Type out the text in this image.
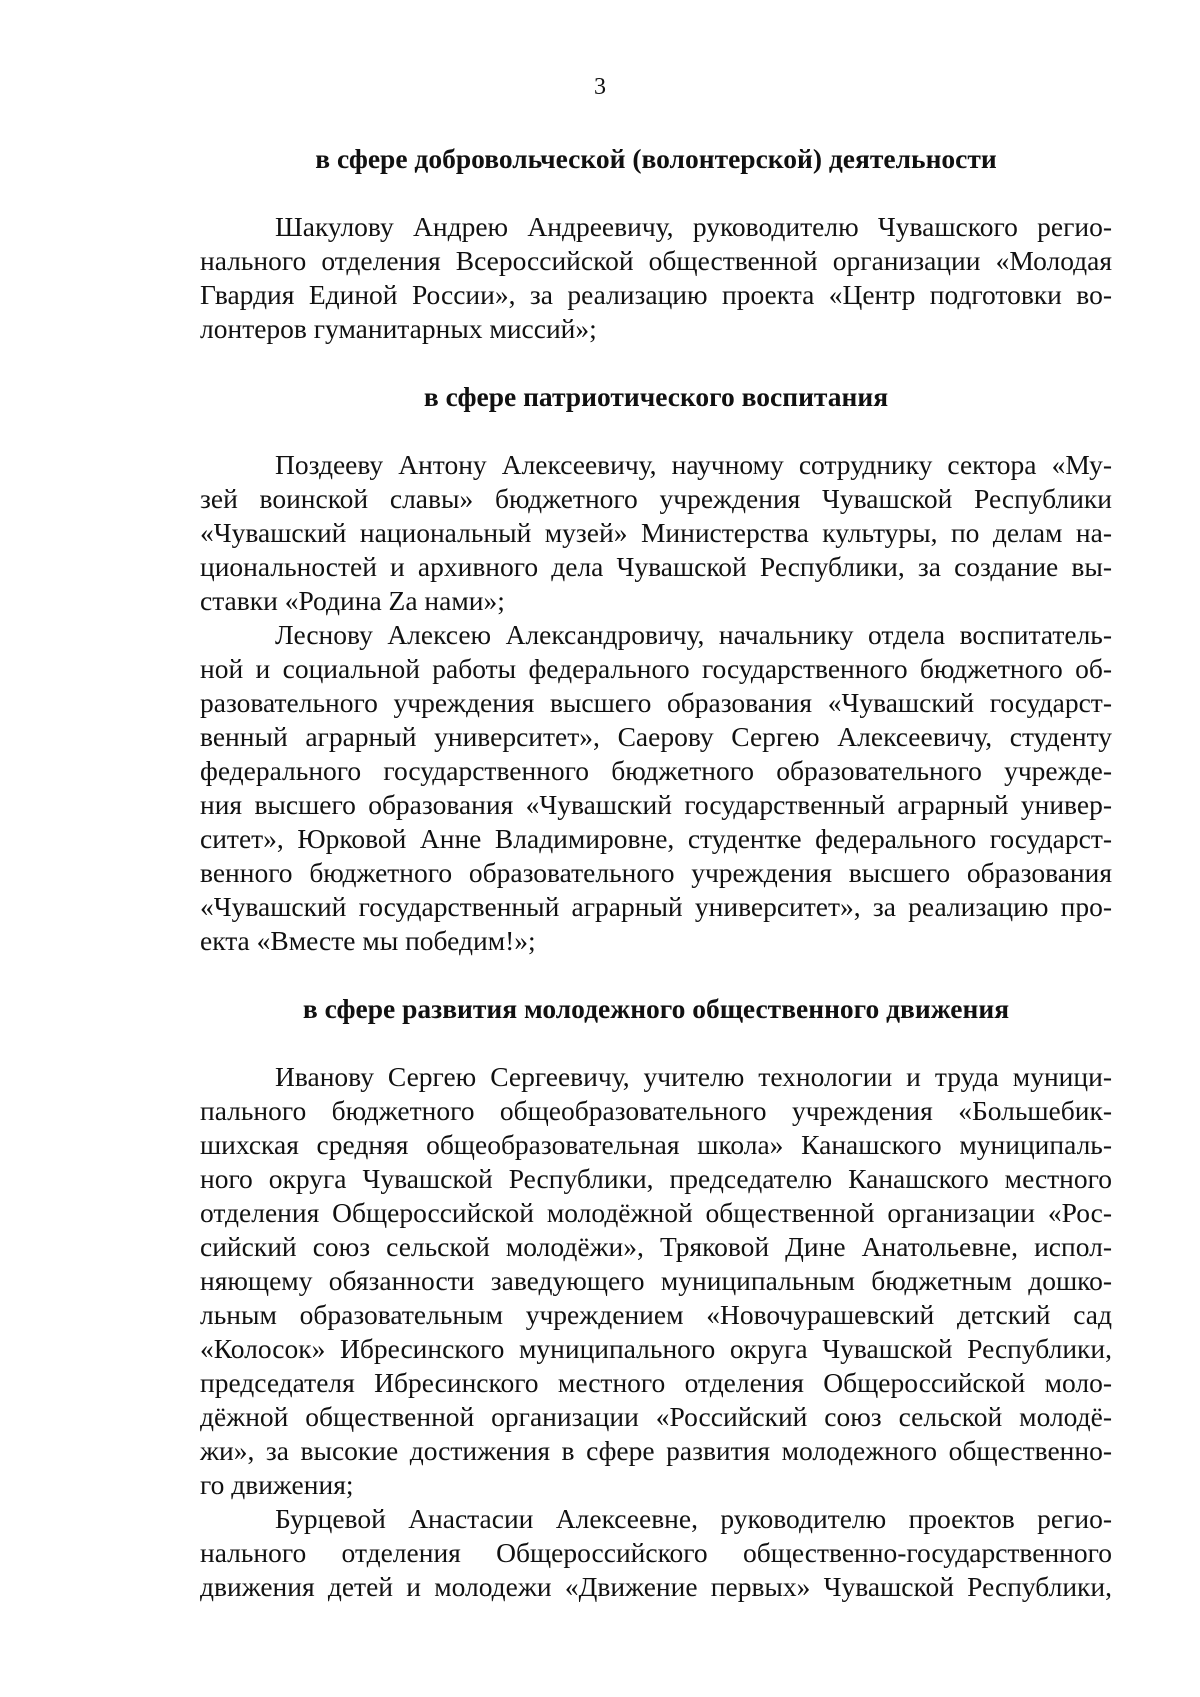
3
в сфере добровольческой (волонтерской) деятельности

Шакулову Андрею Андреевичу, руководителю Чувашского регио-
нального отделения Всероссийской общественной организации «Молодая
Гвардия Единой России», за реализацию проекта «Центр подготовки во-
лонтеров гуманитарных миссий»;

в сфере патриотического воспитания

Поздееву Антону Алексеевичу, научному сотруднику сектора «Му-
зей воинской славы» бюджетного учреждения Чувашской Республики
«Чувашский национальный музей» Министерства культуры, по делам на-
циональностей и архивного дела Чувашской Республики, за создание вы-
ставки «Родина Zа нами»;

Леснову Алексею Александровичу, начальнику отдела воспитатель-
ной и социальной работы федерального государственного бюджетного об-
разовательного учреждения высшего образования «Чувашский государст-
венный аграрный университет», Саерову Сергею Алексеевичу, студенту
федерального государственного бюджетного образовательного учрежде-
ния высшего образования «Чувашский государственный аграрный универ-
ситет», Юрковой Анне Владимировне, студентке федерального государст-
венного бюджетного образовательного учреждения высшего образования
«Чувашский государственный аграрный университет», за реализацию про-
екта «Вместе мы победим!»;

в сфере развития молодежного общественного движения

Иванову Сергею Сергеевичу, учителю технологии и труда муници-
пального бюджетного общеобразовательного учреждения «Большебик-
шихская средняя общеобразовательная школа» Канашского муниципаль-
ного округа Чувашской Республики, председателю Канашского местного
отделения Общероссийской молодёжной общественной организации «Рос-
сийский союз сельской молодёжи», Тряковой Дине Анатольевне, испол-
няющему обязанности заведующего муниципальным бюджетным дошко-
льным образовательным учреждением «Новочурашевский детский сад
«Колосок» Ибресинского муниципального округа Чувашской Республики,
председателя Ибресинского местного отделения Общероссийской моло-
дёжной общественной организации «Российский союз сельской молодё-
жи», за высокие достижения в сфере развития молодежного общественно-
го движения;

Бурцевой Анастасии Алексеевне, руководителю проектов регио-
нального отделения Общероссийского общественно-государственного
движения детей и молодежи «Движение первых» Чувашской Республики,
